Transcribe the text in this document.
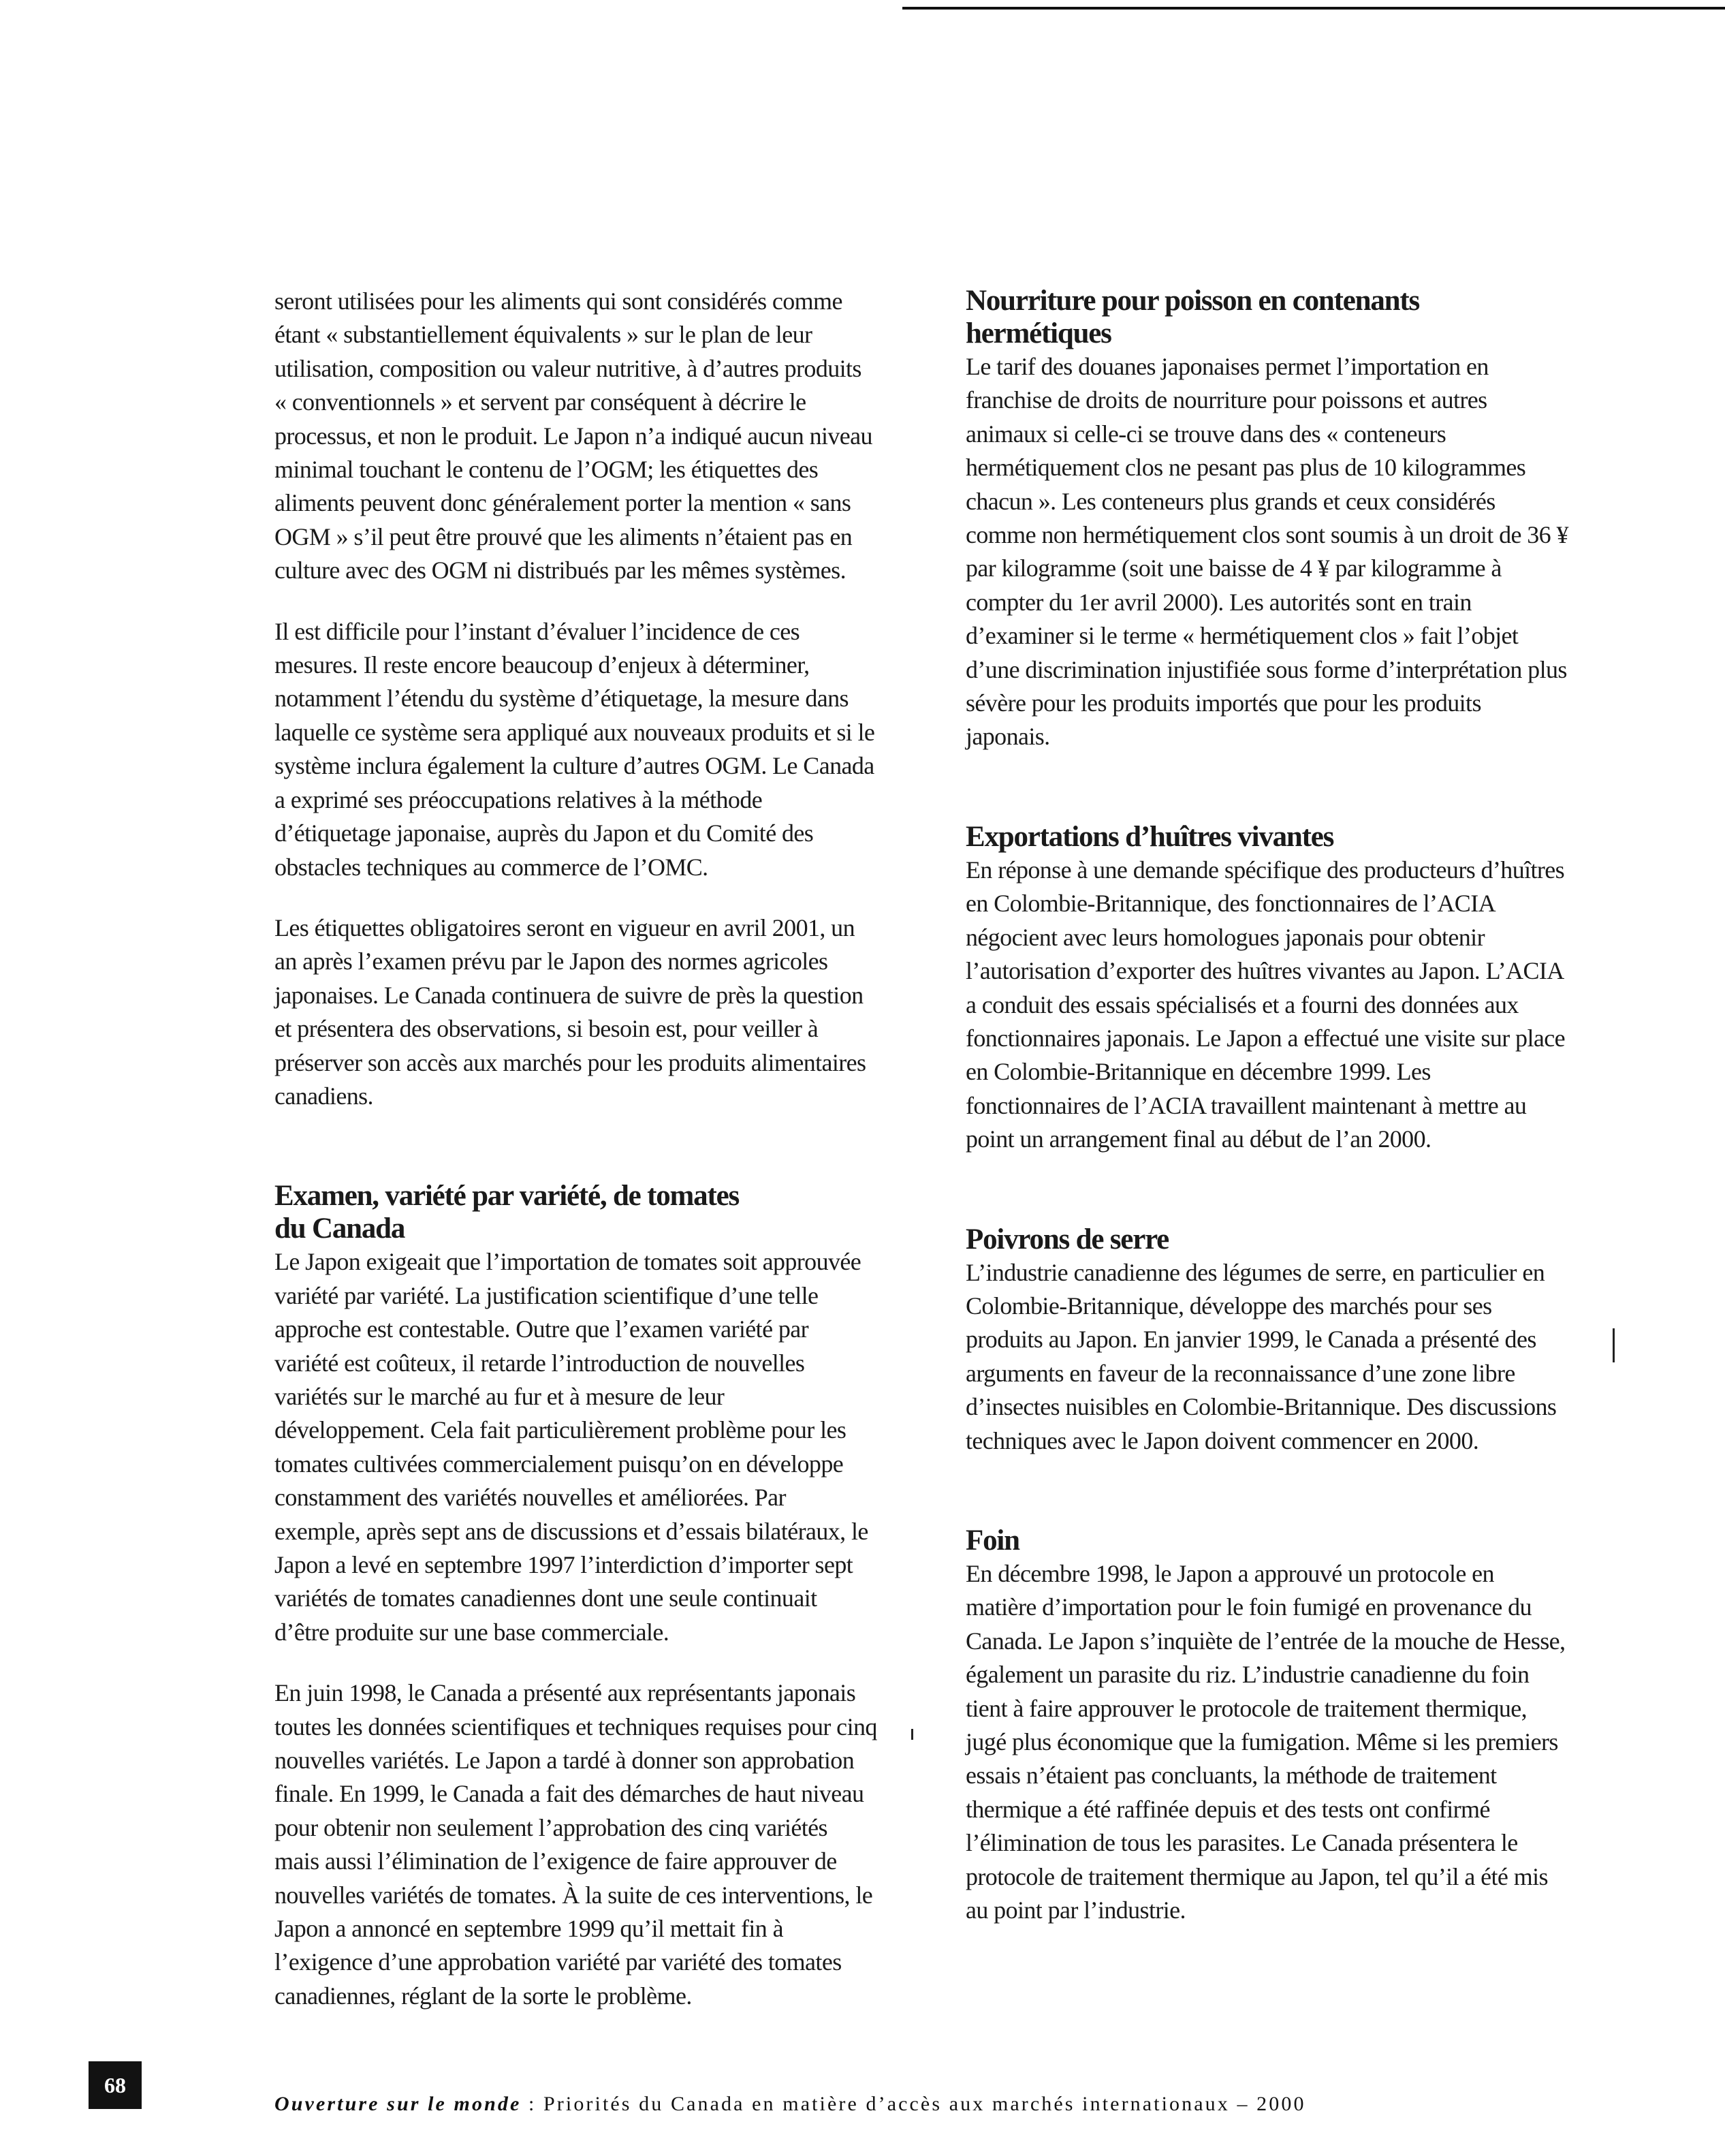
seront utilisées pour les aliments qui sont considérés comme étant « substantiellement équivalents » sur le plan de leur utilisation, composition ou valeur nutritive, à d’autres produits « conventionnels » et servent par conséquent à décrire le processus, et non le produit. Le Japon n’a indiqué aucun niveau minimal touchant le contenu de l’OGM; les étiquettes des aliments peuvent donc généralement porter la mention « sans OGM » s’il peut être prouvé que les aliments n’étaient pas en culture avec des OGM ni distribués par les mêmes systèmes.

Il est difficile pour l’instant d’évaluer l’incidence de ces mesures. Il reste encore beaucoup d’enjeux à déterminer, notamment l’étendu du système d’étiquetage, la mesure dans laquelle ce système sera appliqué aux nouveaux produits et si le système inclura également la culture d’autres OGM. Le Canada a exprimé ses préoccupations relatives à la méthode d’étiquetage japonaise, auprès du Japon et du Comité des obstacles techniques au commerce de l’OMC.

Les étiquettes obligatoires seront en vigueur en avril 2001, un an après l’examen prévu par le Japon des normes agricoles japonaises. Le Canada continuera de suivre de près la question et présentera des observations, si besoin est, pour veiller à préserver son accès aux marchés pour les produits alimentaires canadiens.

Examen, variété par variété, de tomates du Canada

Le Japon exigeait que l’importation de tomates soit approuvée variété par variété. La justification scientifique d’une telle approche est contestable. Outre que l’examen variété par variété est coûteux, il retarde l’introduction de nouvelles variétés sur le marché au fur et à mesure de leur développement. Cela fait particulièrement problème pour les tomates cultivées commercialement puisqu’on en développe constamment des variétés nouvelles et améliorées. Par exemple, après sept ans de discussions et d’essais bilatéraux, le Japon a levé en septembre 1997 l’interdiction d’importer sept variétés de tomates canadiennes dont une seule continuait d’être produite sur une base commerciale.

En juin 1998, le Canada a présenté aux représentants japonais toutes les données scientifiques et techniques requises pour cinq nouvelles variétés. Le Japon a tardé à donner son approbation finale. En 1999, le Canada a fait des démarches de haut niveau pour obtenir non seulement l’approbation des cinq variétés mais aussi l’élimination de l’exigence de faire approuver de nouvelles variétés de tomates. À la suite de ces interventions, le Japon a annoncé en septembre 1999 qu’il mettait fin à l’exigence d’une approbation variété par variété des tomates canadiennes, réglant de la sorte le problème.

Nourriture pour poisson en contenants hermétiques

Le tarif des douanes japonaises permet l’importation en franchise de droits de nourriture pour poissons et autres animaux si celle-ci se trouve dans des « conteneurs hermétiquement clos ne pesant pas plus de 10 kilogrammes chacun ». Les conteneurs plus grands et ceux considérés comme non hermétiquement clos sont soumis à un droit de 36 ¥ par kilogramme (soit une baisse de 4 ¥ par kilogramme à compter du 1er avril 2000). Les autorités sont en train d’examiner si le terme « hermétiquement clos » fait l’objet d’une discrimination injustifiée sous forme d’interprétation plus sévère pour les produits importés que pour les produits japonais.

Exportations d’huîtres vivantes

En réponse à une demande spécifique des producteurs d’huîtres en Colombie-Britannique, des fonctionnaires de l’ACIA négocient avec leurs homologues japonais pour obtenir l’autorisation d’exporter des huîtres vivantes au Japon. L’ACIA a conduit des essais spécialisés et a fourni des données aux fonctionnaires japonais. Le Japon a effectué une visite sur place en Colombie-Britannique en décembre 1999. Les fonctionnaires de l’ACIA travaillent maintenant à mettre au point un arrangement final au début de l’an 2000.

Poivrons de serre

L’industrie canadienne des légumes de serre, en particulier en Colombie-Britannique, développe des marchés pour ses produits au Japon. En janvier 1999, le Canada a présenté des arguments en faveur de la reconnaissance d’une zone libre d’insectes nuisibles en Colombie-Britannique. Des discussions techniques avec le Japon doivent commencer en 2000.

Foin

En décembre 1998, le Japon a approuvé un protocole en matière d’importation pour le foin fumigé en provenance du Canada. Le Japon s’inquiète de l’entrée de la mouche de Hesse, également un parasite du riz. L’industrie canadienne du foin tient à faire approuver le protocole de traitement thermique, jugé plus économique que la fumigation. Même si les premiers essais n’étaient pas concluants, la méthode de traitement thermique a été raffinée depuis et des tests ont confirmé l’élimination de tous les parasites. Le Canada présentera le protocole de traitement thermique au Japon, tel qu’il a été mis au point par l’industrie.

68
Ouverture sur le monde : Priorités du Canada en matière d’accès aux marchés internationaux – 2000
